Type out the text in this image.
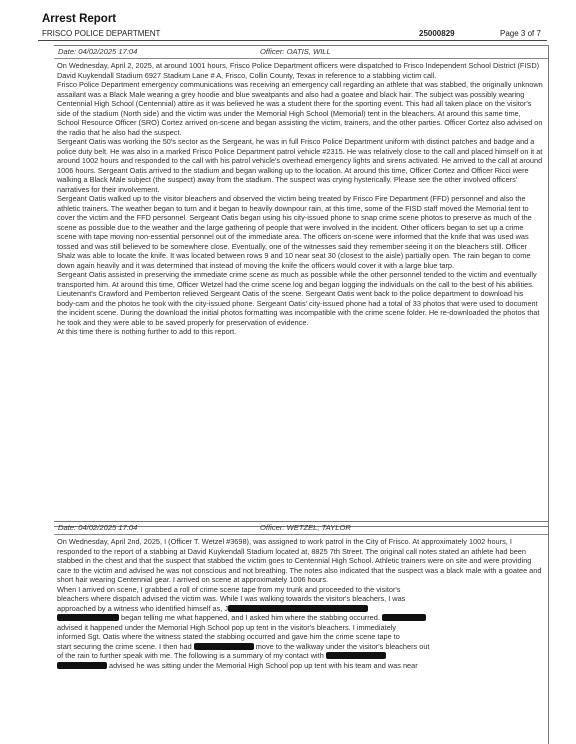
Arrest Report
FRISCO POLICE DEPARTMENT	25000829	Page 3 of 7
Date: 04/02/2025 17:04	Officer: OATIS, WILL

On Wednesday, April 2, 2025, at around 1001 hours, Frisco Police Department officers were dispatched to Frisco Independent School District (FISD) David Kuykendall Stadium 6927 Stadium Lane # A, Frisco, Collin County, Texas in reference to a stabbing victim call.

Frisco Police Department emergency communications was receiving an emergency call regarding an athlete that was stabbed, the originally unknown assailant was a Black Male wearing a grey hoodie and blue sweatpants and also had a goatee and black hair. The subject was possibly wearing Centennial High School (Centennial) attire as it was believed he was a student there for the sporting event. This had all taken place on the visitor's side of the stadium (North side) and the victim was under the Memorial High School (Memorial) tent in the bleachers. At around this same time, School Resource Officer (SRO) Cortez arrived on-scene and began assisting the victim, trainers, and the other parties. Officer Cortez also advised on the radio that he also had the suspect.

Sergeant Oatis was working the 50's sector as the Sergeant, he was in full Frisco Police Department uniform with distinct patches and badge and a police duty belt. He was also in a marked Frisco Police Department patrol vehicle #2315. He was relatively close to the call and placed himself on it at around 1002 hours and responded to the call with his patrol vehicle's overhead emergency lights and sirens activated. He arrived to the call at around 1006 hours. Sergeant Oatis arrived to the stadium and began walking up to the location. At around this time, Officer Cortez and Officer Ricci were walking a Black Male subject (the suspect) away from the stadium. The suspect was crying hysterically. Please see the other involved officers' narratives for their involvement.

Sergeant Oatis walked up to the visitor bleachers and observed the victim being treated by Frisco Fire Department (FFD) personnel and also the athletic trainers. The weather began to turn and it began to heavily downpour rain, at this time, some of the FISD staff moved the Memorial tent to cover the victim and the FFD personnel. Sergeant Oatis began using his city-issued phone to snap crime scene photos to preserve as much of the scene as possible due to the weather and the large gathering of people that were involved in the incident. Other officers began to set up a crime scene with tape moving non-essential personnel out of the immediate area. The officers on-scene were informed that the knife that was used was tossed and was still believed to be somewhere close. Eventually, one of the witnesses said they remember seeing it on the bleachers still. Officer Shalz was able to locate the knife. It was located between rows 9 and 10 near seat 30 (closest to the aisle) partially open. The rain began to come down again heavily and it was determined that instead of moving the knife the officers would cover it with a large blue tarp.

Sergeant Oatis assisted in preserving the immediate crime scene as much as possible while the other personnel tended to the victim and eventually transported him. At around this time, Officer Wetzel had the crime scene log and began logging the individuals on the call to the best of his abilities. Lieutenant's Crawford and Pemberton relieved Sergeant Oatis of the scene. Sergeant Oatis went back to the police department to download his body-cam and the photos he took with the city-issued phone. Sergeant Oatis' city-issued phone had a total of 33 photos that were used to document the incident scene. During the download the initial photos formatting was incompatible with the crime scene folder. He re-downloaded the photos that he took and they were able to be saved properly for preservation of evidence.

At this time there is nothing further to add to this report.

Date: 04/02/2025 17:04	Officer: WETZEL, TAYLOR

On Wednesday, April 2nd, 2025, I (Officer T. Wetzel #3698), was assigned to work patrol in the City of Frisco. At approximately 1002 hours, I responded to the report of a stabbing at David Kuykendall Stadium located at, 8825 7th Street. The original call notes stated an athlete had been stabbed in the chest and that the suspect that stabbed the victim goes to Centennial High School. Athletic trainers were on site and were providing care to the victim and advised he was not conscious and not breathing. The notes also indicated that the suspect was a black male with a goatee and short hair wearing Centennial gear. I arrived on scene at approximately 1006 hours.

When I arrived on scene, I grabbed a roll of crime scene tape from my trunk and proceeded to the visitor's
bleachers where dispatch advised the victim was. While I was walking towards the visitor's bleachers, I was
approached by a witness who identified himself as, J
began telling me what happened, and I asked him where the stabbing occurred.
advised it happened under the Memorial High School pop up tent in the visitor's bleachers. I immediately
informed Sgt. Oatis where the witness stated the stabbing occurred and gave him the crime scene tape to
start securing the crime scene. I then had	move to the walkway under the visitor's bleachers out
of the rain to further speak with me. The following is a summary of my contact with
advised he was sitting under the Memorial High School pop up tent with his team and was near
